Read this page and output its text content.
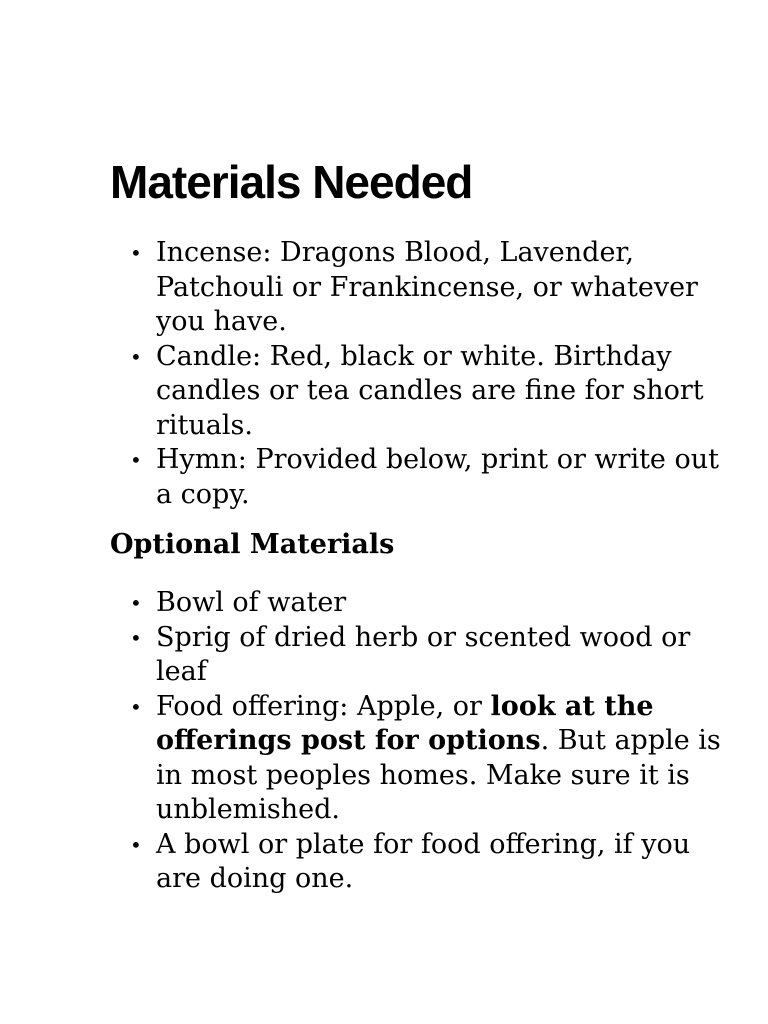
Materials Needed
• Incense: Dragons Blood, Lavender, Patchouli or Frankincense, or whatever you have.
• Candle: Red, black or white. Birthday candles or tea candles are fine for short rituals.
• Hymn: Provided below, print or write out a copy.
Optional Materials
• Bowl of water
• Sprig of dried herb or scented wood or leaf
• Food offering: Apple, or look at the offerings post for options. But apple is in most peoples homes. Make sure it is unblemished.
• A bowl or plate for food offering, if you are doing one.
